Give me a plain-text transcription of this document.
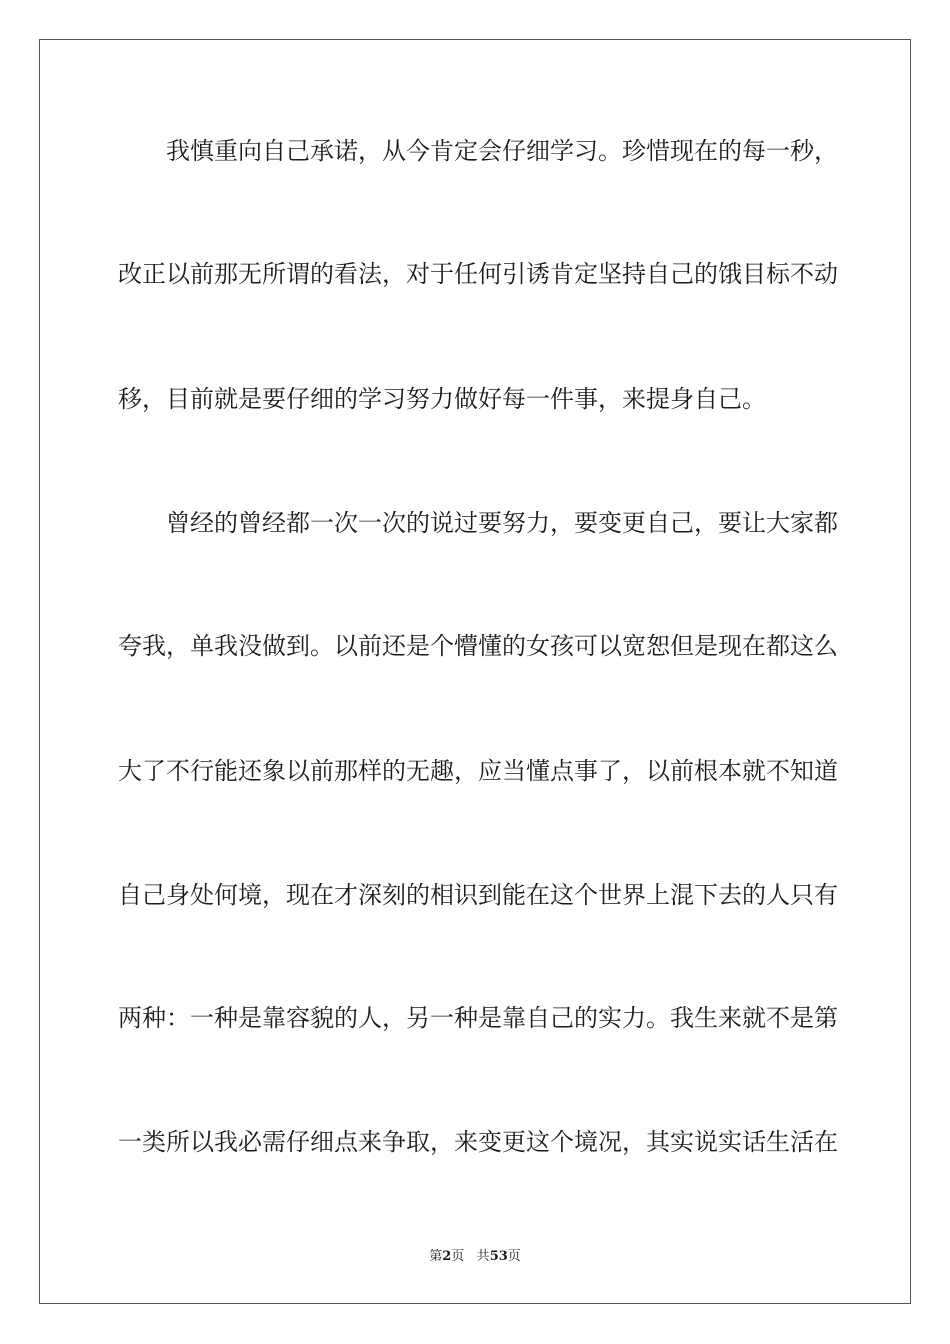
我慎重向自己承诺，从今肯定会仔细学习。珍惜现在的每一秒，
改正以前那无所谓的看法，对于任何引诱肯定坚持自己的饿目标不动
移，目前就是要仔细的学习努力做好每一件事，来提身自己。
曾经的曾经都一次一次的说过要努力，要变更自己，要让大家都
夸我，单我没做到。以前还是个懵懂的女孩可以宽恕但是现在都这么
大了不行能还象以前那样的无趣，应当懂点事了，以前根本就不知道
自己身处何境，现在才深刻的相识到能在这个世界上混下去的人只有
两种：一种是靠容貌的人，另一种是靠自己的实力。我生来就不是第
一类所以我必需仔细点来争取，来变更这个境况，其实说实话生活在
第2页 共53页
